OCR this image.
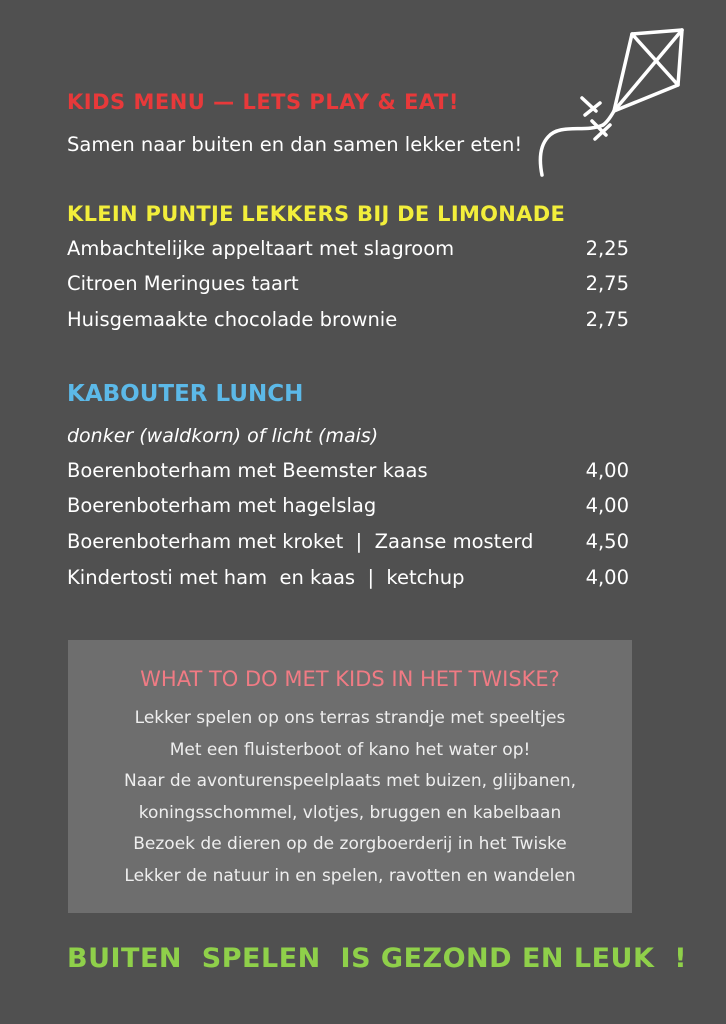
KIDS MENU — LETS PLAY & EAT!
Samen naar buiten en dan samen lekker eten!
KLEIN PUNTJE LEKKERS BIJ DE LIMONADE
Ambachtelijke appeltaart met slagroom	2,25
Citroen Meringues taart	2,75
Huisgemaakte chocolade brownie	2,75
KABOUTER LUNCH
donker (waldkorn) of licht (mais)
Boerenboterham met Beemster kaas	4,00
Boerenboterham met hagelslag	4,00
Boerenboterham met kroket  |  Zaanse mosterd	4,50
Kindertosti met ham  en kaas  |  ketchup	4,00
WHAT TO DO MET KIDS IN HET TWISKE?
Lekker spelen op ons terras strandje met speeltjes
Met een fluisterboot of kano het water op!
Naar de avonturenspeelplaats met buizen, glijbanen,
koningsschommel, vlotjes, bruggen en kabelbaan
Bezoek de dieren op de zorgboerderij in het Twiske
Lekker de natuur in en spelen, ravotten en wandelen
BUITEN  SPELEN  IS GEZOND EN LEUK  !
